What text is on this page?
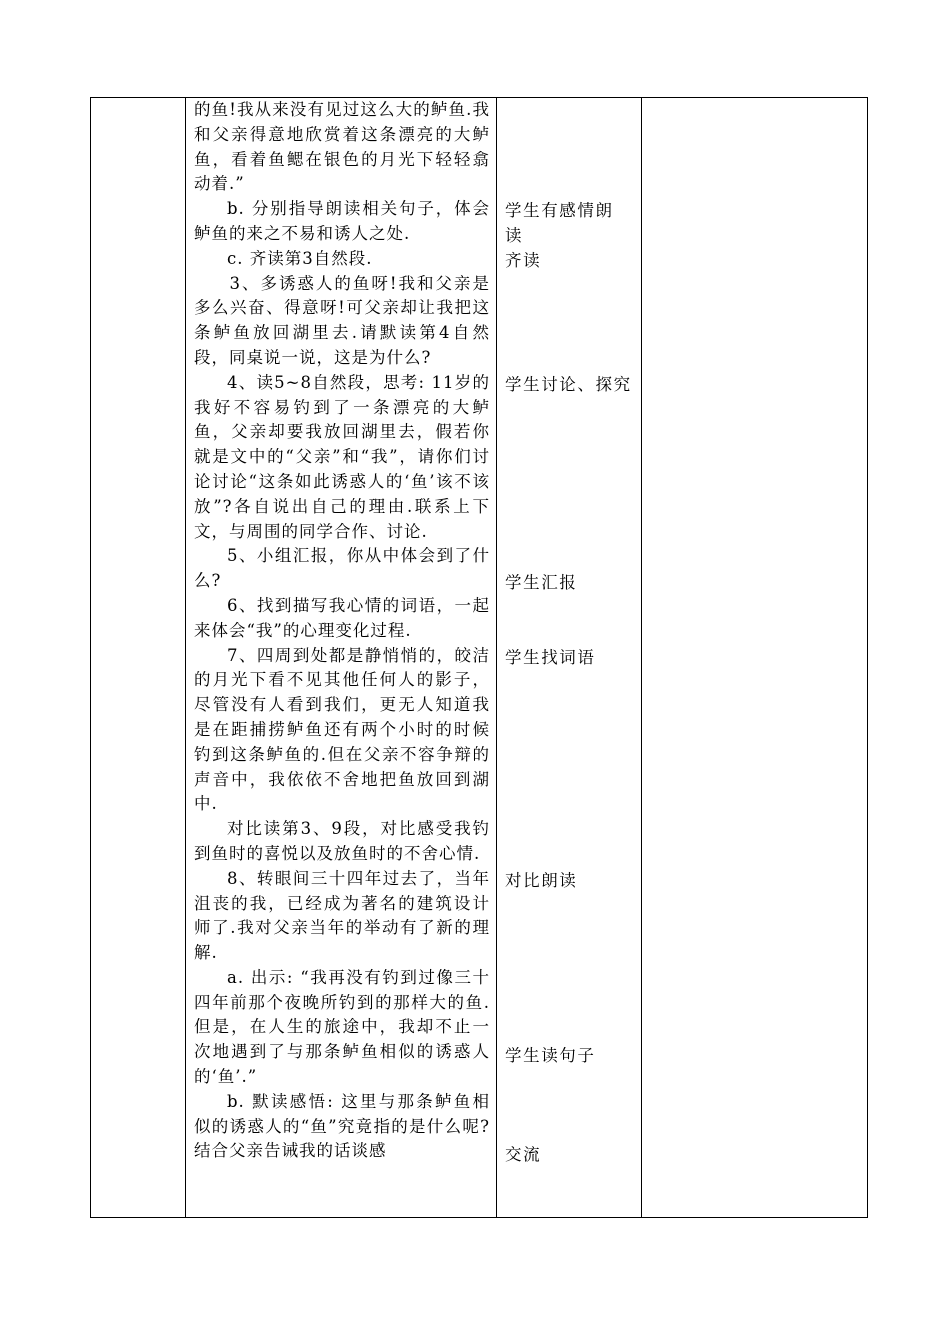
的鱼!我从来没有见过这么大的鲈鱼.我和父亲得意地欣赏着这条漂亮的大鲈鱼，看着鱼鳃在银色的月光下轻轻翕动着.”

b. 分别指导朗读相关句子，体会鲈鱼的来之不易和诱人之处.

c. 齐读第3自然段.

3、多诱惑人的鱼呀!我和父亲是多么兴奋、得意呀!可父亲却让我把这条鲈鱼放回湖里去.请默读第4自然段，同桌说一说，这是为什么?

4、读5~8自然段，思考: 11岁的我好不容易钓到了一条漂亮的大鲈鱼，父亲却要我放回湖里去，假若你就是文中的“父亲”和“我”，请你们讨论讨论“这条如此诱惑人的‘鱼’该不该放”?各自说出自己的理由.联系上下文，与周围的同学合作、讨论.

5、小组汇报，你从中体会到了什么?

6、找到描写我心情的词语，一起来体会“我”的心理变化过程.

7、四周到处都是静悄悄的，皎洁的月光下看不见其他任何人的影子，尽管没有人看到我们，更无人知道我是在距捕捞鲈鱼还有两个小时的时候钓到这条鲈鱼的.但在父亲不容争辩的声音中，我依依不舍地把鱼放回到湖中.

对比读第3、9段，对比感受我钓到鱼时的喜悦以及放鱼时的不舍心情.

8、转眼间三十四年过去了，当年沮丧的我，已经成为著名的建筑设计师了.我对父亲当年的举动有了新的理解.

a. 出示: “我再没有钓到过像三十四年前那个夜晚所钓到的那样大的鱼.但是，在人生的旅途中，我却不止一次地遇到了与那条鲈鱼相似的诱惑人的‘鱼’.”

b. 默读感悟: 这里与那条鲈鱼相似的诱惑人的“鱼”究竟指的是什么呢?结合父亲告诫我的话谈感

学生有感情朗
读

齐读

学生讨论、探究

学生汇报

学生找词语

对比朗读

学生读句子

交流
